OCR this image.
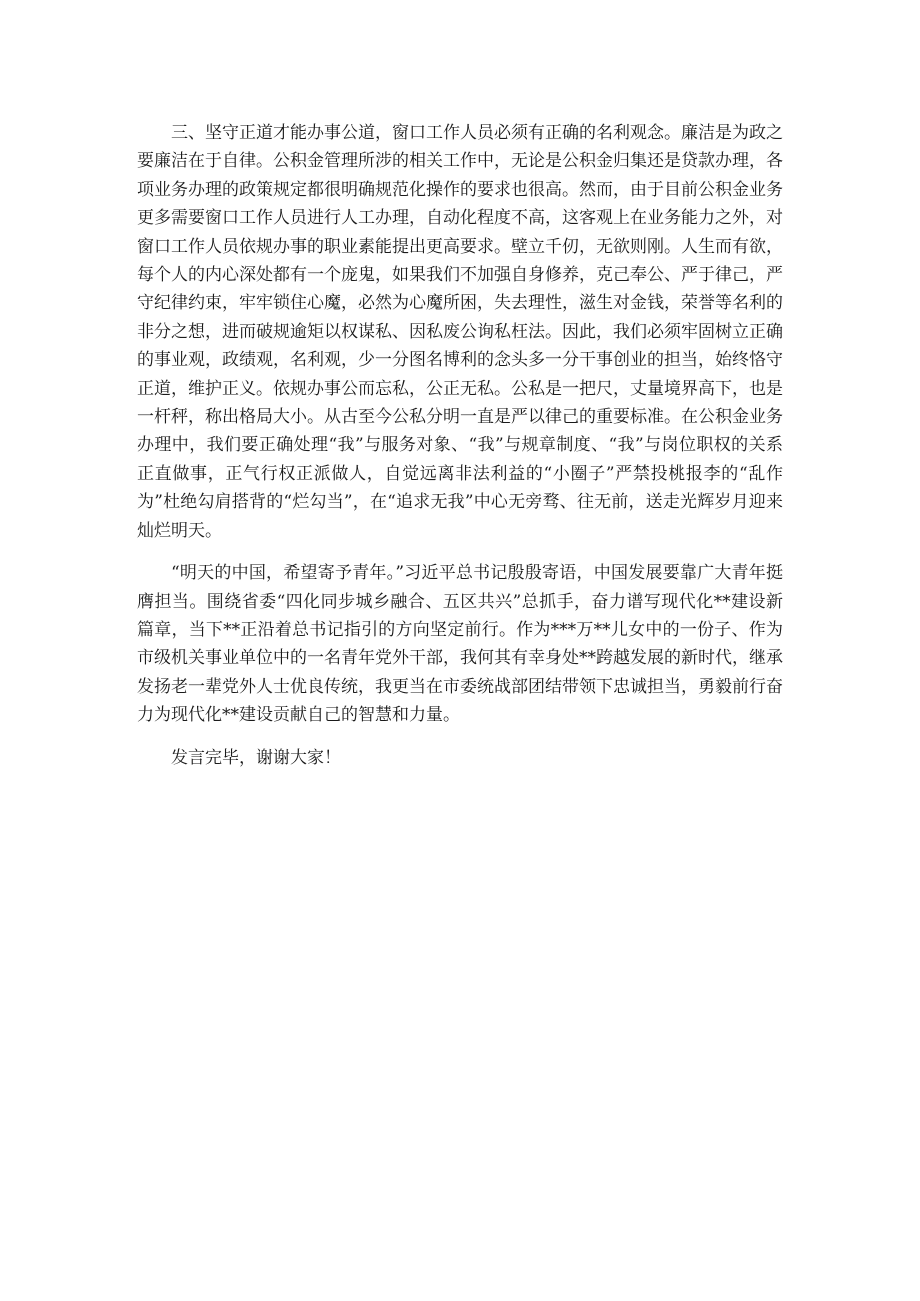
三、坚守正道才能办事公道，窗口工作人员必须有正确的名利观念。廉洁是为政之要廉洁在于自律。公积金管理所涉的相关工作中，无论是公积金归集还是贷款办理，各项业务办理的政策规定都很明确规范化操作的要求也很高。然而，由于目前公积金业务更多需要窗口工作人员进行人工办理，自动化程度不高，这客观上在业务能力之外，对窗口工作人员依规办事的职业素能提出更高要求。壁立千仞，无欲则刚。人生而有欲，每个人的内心深处都有一个庞鬼，如果我们不加强自身修养，克己奉公、严于律己，严守纪律约束，牢牢锁住心魔，必然为心魔所困，失去理性，滋生对金钱，荣誉等名利的非分之想，进而破规逾矩以权谋私、因私废公询私枉法。因此，我们必须牢固树立正确的事业观，政绩观，名利观，少一分图名博利的念头多一分干事创业的担当，始终恪守正道，维护正义。依规办事公而忘私，公正无私。公私是一把尺，丈量境界高下，也是一杆秤，称出格局大小。从古至今公私分明一直是严以律己的重要标准。在公积金业务办理中，我们要正确处理“我”与服务对象、“我”与规章制度、“我”与岗位职权的关系正直做事，正气行权正派做人，自觉远离非法利益的“小圈子”严禁投桃报李的“乱作为”杜绝勾肩搭背的“烂勾当”，在“追求无我”中心无旁骛、往无前，送走光辉岁月迎来灿烂明天。

“明天的中国，希望寄予青年。”习近平总书记殷殷寄语，中国发展要靠广大青年挺膺担当。围绕省委“四化同步城乡融合、五区共兴”总抓手，奋力谱写现代化**建设新篇章，当下**正沿着总书记指引的方向坚定前行。作为***万**儿女中的一份子、作为市级机关事业单位中的一名青年党外干部，我何其有幸身处**跨越发展的新时代，继承发扬老一辈党外人士优良传统，我更当在市委统战部团结带领下忠诚担当，勇毅前行奋力为现代化**建设贡献自己的智慧和力量。

发言完毕，谢谢大家！
